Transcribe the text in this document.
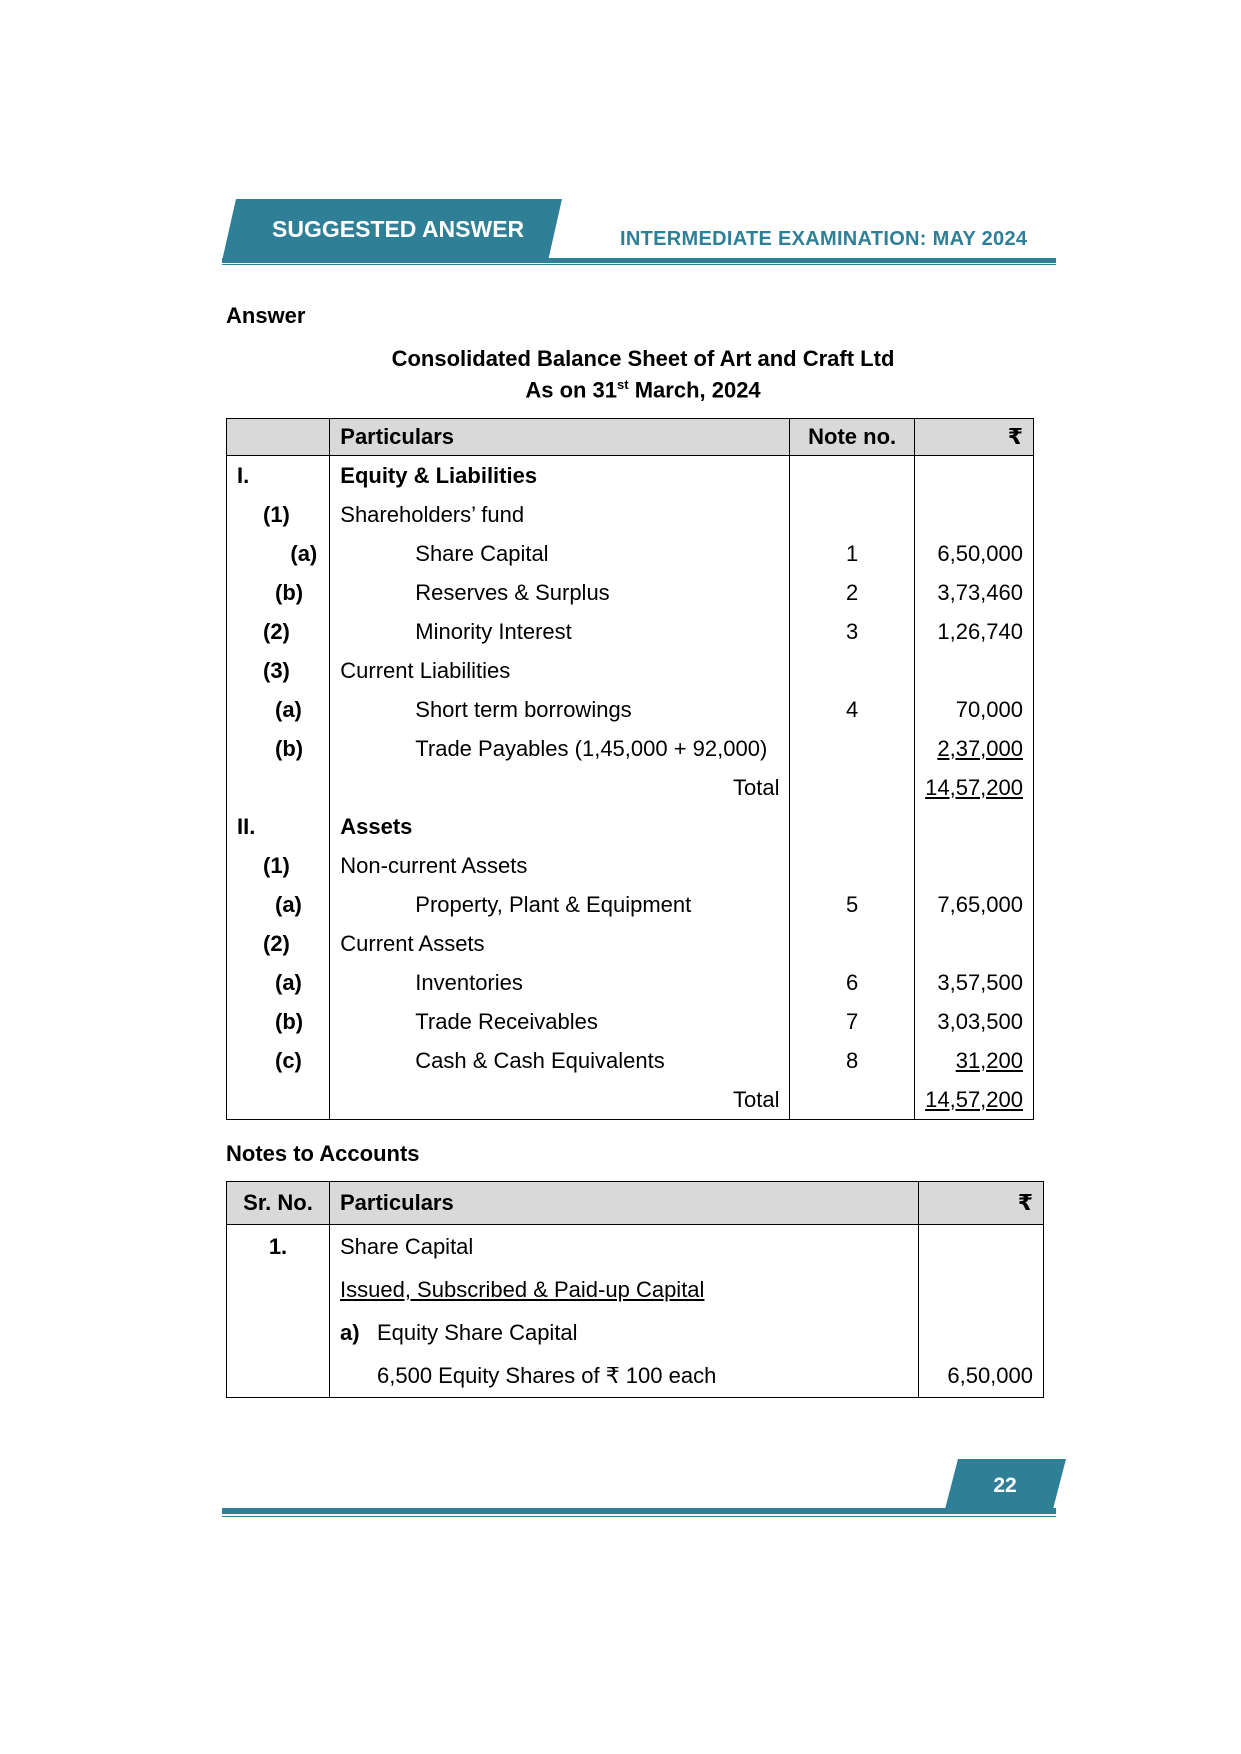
SUGGESTED ANSWER	INTERMEDIATE EXAMINATION: MAY 2024
Answer
Consolidated Balance Sheet of Art and Craft Ltd
As on 31st March, 2024
	Particulars	Note no.	₹
I.	Equity & Liabilities		
(1)	Shareholders’ fund		
(a)	Share Capital	1	6,50,000
(b)	Reserves & Surplus	2	3,73,460
(2)	Minority Interest	3	1,26,740
(3)	Current Liabilities		
(a)	Short term borrowings	4	70,000
(b)	Trade Payables (1,45,000 + 92,000)		2,37,000
	Total		14,57,200
II.	Assets		
(1)	Non-current Assets		
(a)	Property, Plant & Equipment	5	7,65,000
(2)	Current Assets		
(a)	Inventories	6	3,57,500
(b)	Trade Receivables	7	3,03,500
(c)	Cash & Cash Equivalents	8	31,200
	Total		14,57,200
Notes to Accounts
Sr. No.	Particulars	₹
1.	Share Capital	
	Issued, Subscribed & Paid-up Capital	
	a) Equity Share Capital	
	6,500 Equity Shares of ₹ 100 each	6,50,000
22
